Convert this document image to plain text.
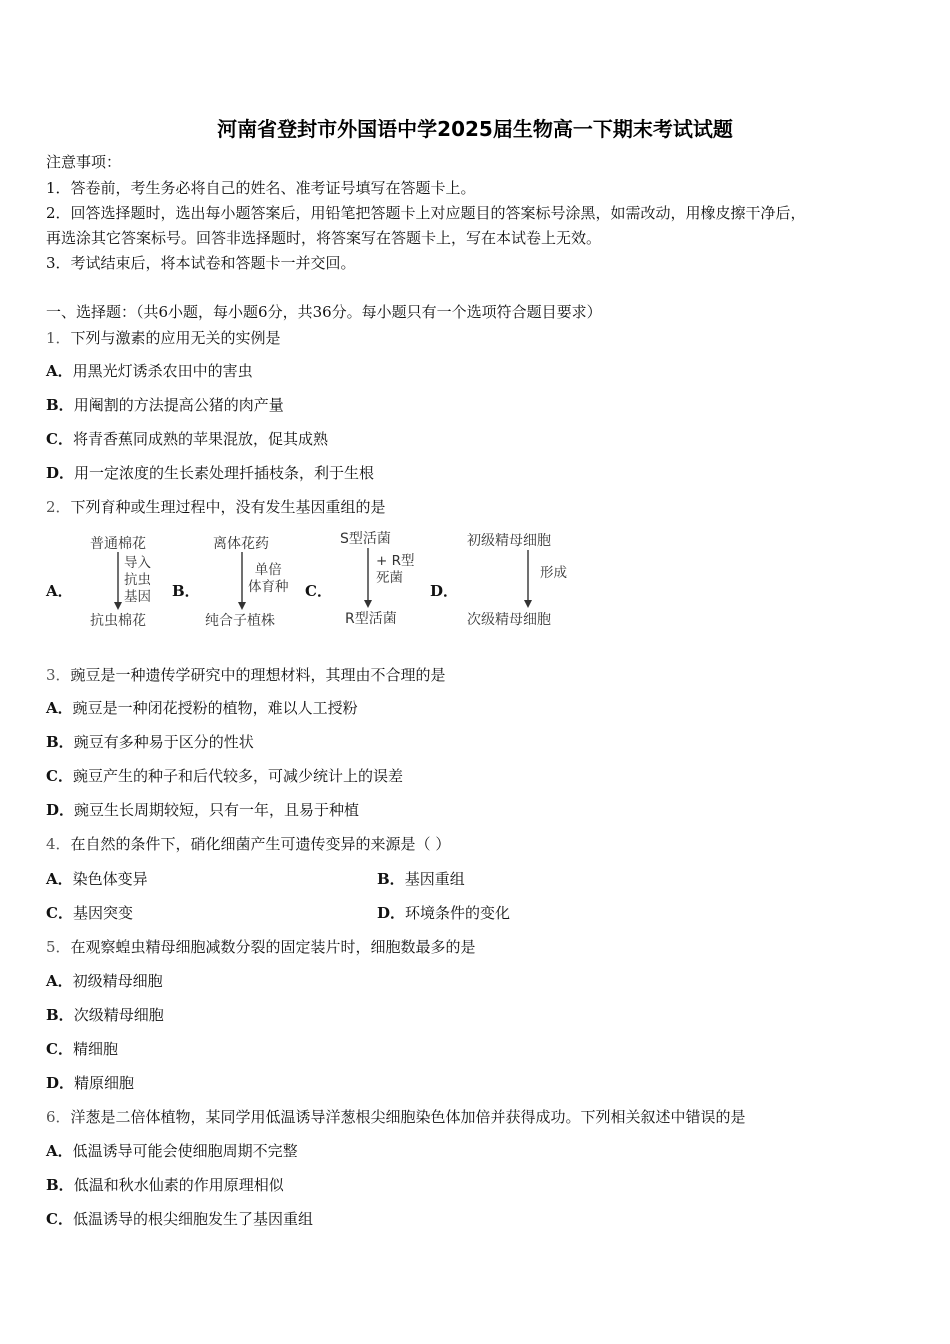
河南省登封市外国语中学2025届生物高一下期末考试试题
注意事项：
1．答卷前，考生务必将自己的姓名、准考证号填写在答题卡上。
2．回答选择题时，选出每小题答案后，用铅笔把答题卡上对应题目的答案标号涂黑，如需改动，用橡皮擦干净后，
再选涂其它答案标号。回答非选择题时，将答案写在答题卡上，写在本试卷上无效。
3．考试结束后，将本试卷和答题卡一并交回。
一、选择题：（共6小题，每小题6分，共36分。每小题只有一个选项符合题目要求）
1．下列与激素的应用无关的实例是
A．用黑光灯诱杀农田中的害虫
B．用阉割的方法提高公猪的肉产量
C．将青香蕉同成熟的苹果混放，促其成熟
D．用一定浓度的生长素处理扦插枝条，利于生根
2．下列育种或生理过程中，没有发生基因重组的是
A．
普通棉花
抗虫棉花
导入
抗虫
基因 B．
离体花药
纯合子植株
单倍
体育种 C．
S型活菌
R型活菌
+ R型
死菌
D．
初级精母细胞
次级精母细胞
形成
3．豌豆是一种遗传学研究中的理想材料，其理由不合理的是
A．豌豆是一种闭花授粉的植物，难以人工授粉
B．豌豆有多种易于区分的性状
C．豌豆产生的种子和后代较多，可减少统计上的误差
D．豌豆生长周期较短，只有一年，且易于种植
4．在自然的条件下，硝化细菌产生可遗传变异的来源是（ ）
A．染色体变异	B．基因重组
C．基因突变	D．环境条件的变化
5．在观察蝗虫精母细胞减数分裂的固定装片时，细胞数最多的是
A．初级精母细胞
B．次级精母细胞
C．精细胞
D．精原细胞
6．洋葱是二倍体植物，某同学用低温诱导洋葱根尖细胞染色体加倍并获得成功。下列相关叙述中错误的是
A．低温诱导可能会使细胞周期不完整
B．低温和秋水仙素的作用原理相似
C．低温诱导的根尖细胞发生了基因重组
